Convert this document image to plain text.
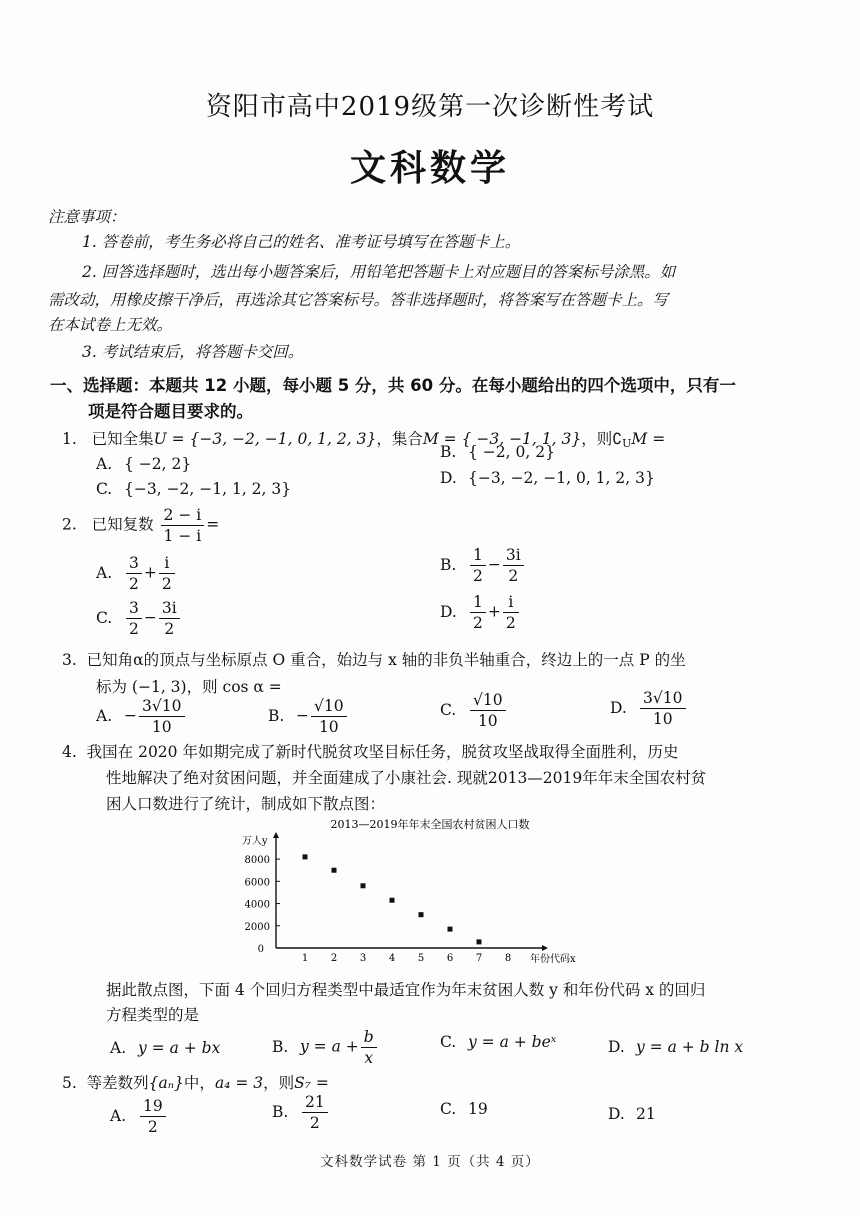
资阳市高中2019级第一次诊断性考试
文科数学
注意事项：
1. 答卷前，考生务必将自己的姓名、准考证号填写在答题卡上。
2. 回答选择题时，选出每小题答案后，用铅笔把答题卡上对应题目的答案标号涂黑。如
需改动，用橡皮擦干净后，再选涂其它答案标号。答非选择题时，将答案写在答题卡上。写
在本试卷上无效。
3. 考试结束后，将答题卡交回。
一、选择题：本题共 12 小题，每小题 5 分，共 60 分。在每小题给出的四个选项中，只有一
项是符合题目要求的。
1. 已知全集U = {−3, −2, −1, 0, 1, 2, 3}，集合M = { −3, −1, 1, 3}，则$∁_UM$ =
A. { −2, 2}
B. { −2, 0, 2}
C. {−3, −2, −1, 1, 2, 3}
D. {−3, −2, −1, 0, 1, 2, 3}
2. 已知复数 $\frac{2 - i}{1 - i}$ =
A. $\frac{3}{2} + \frac{i}{2}$	B. $\frac{1}{2} - \frac{3i}{2}$
C. $\frac{3}{2} - \frac{3i}{2}$	D. $\frac{1}{2} + \frac{i}{2}$
3. 已知角α的顶点与坐标原点 O 重合，始边与 x 轴的非负半轴重合，终边上的一点 P 的坐
标为 (−1, 3)，则 cos α =
A. − $\frac{3√10}{10}$	B. − $\frac{√10}{10}$	C. $\frac{√10}{10}$	D. $\frac{3√10}{10}$
4. 我国在 2020 年如期完成了新时代脱贫攻坚目标任务，脱贫攻坚战取得全面胜利，历史
性地解决了绝对贫困问题，并全面建成了小康社会. 现就2013—2019年年末全国农村贫
困人口数进行了统计，制成如下散点图：
2013—2019年年末全国农村贫困人口数
万人y
年份代码x
1 2 3 4 5 6 7 8
0
2000
4000
6000
8000
据此散点图，下面 4 个回归方程类型中最适宜作为年末贫困人数 y 和年份代码 x 的回归
方程类型的是
A. y = a + bx	B. $y = a + \frac{b}{x}$	C. y = a + beˣ	D. y = a + b ln x
5. 等差数列{aₙ}中，a₄ = 3，则S₇ =
A. $\frac{19}{2}$	B. $\frac{21}{2}$	C. 19	D. 21
文科数学试卷 第 1 页（共 4 页）
